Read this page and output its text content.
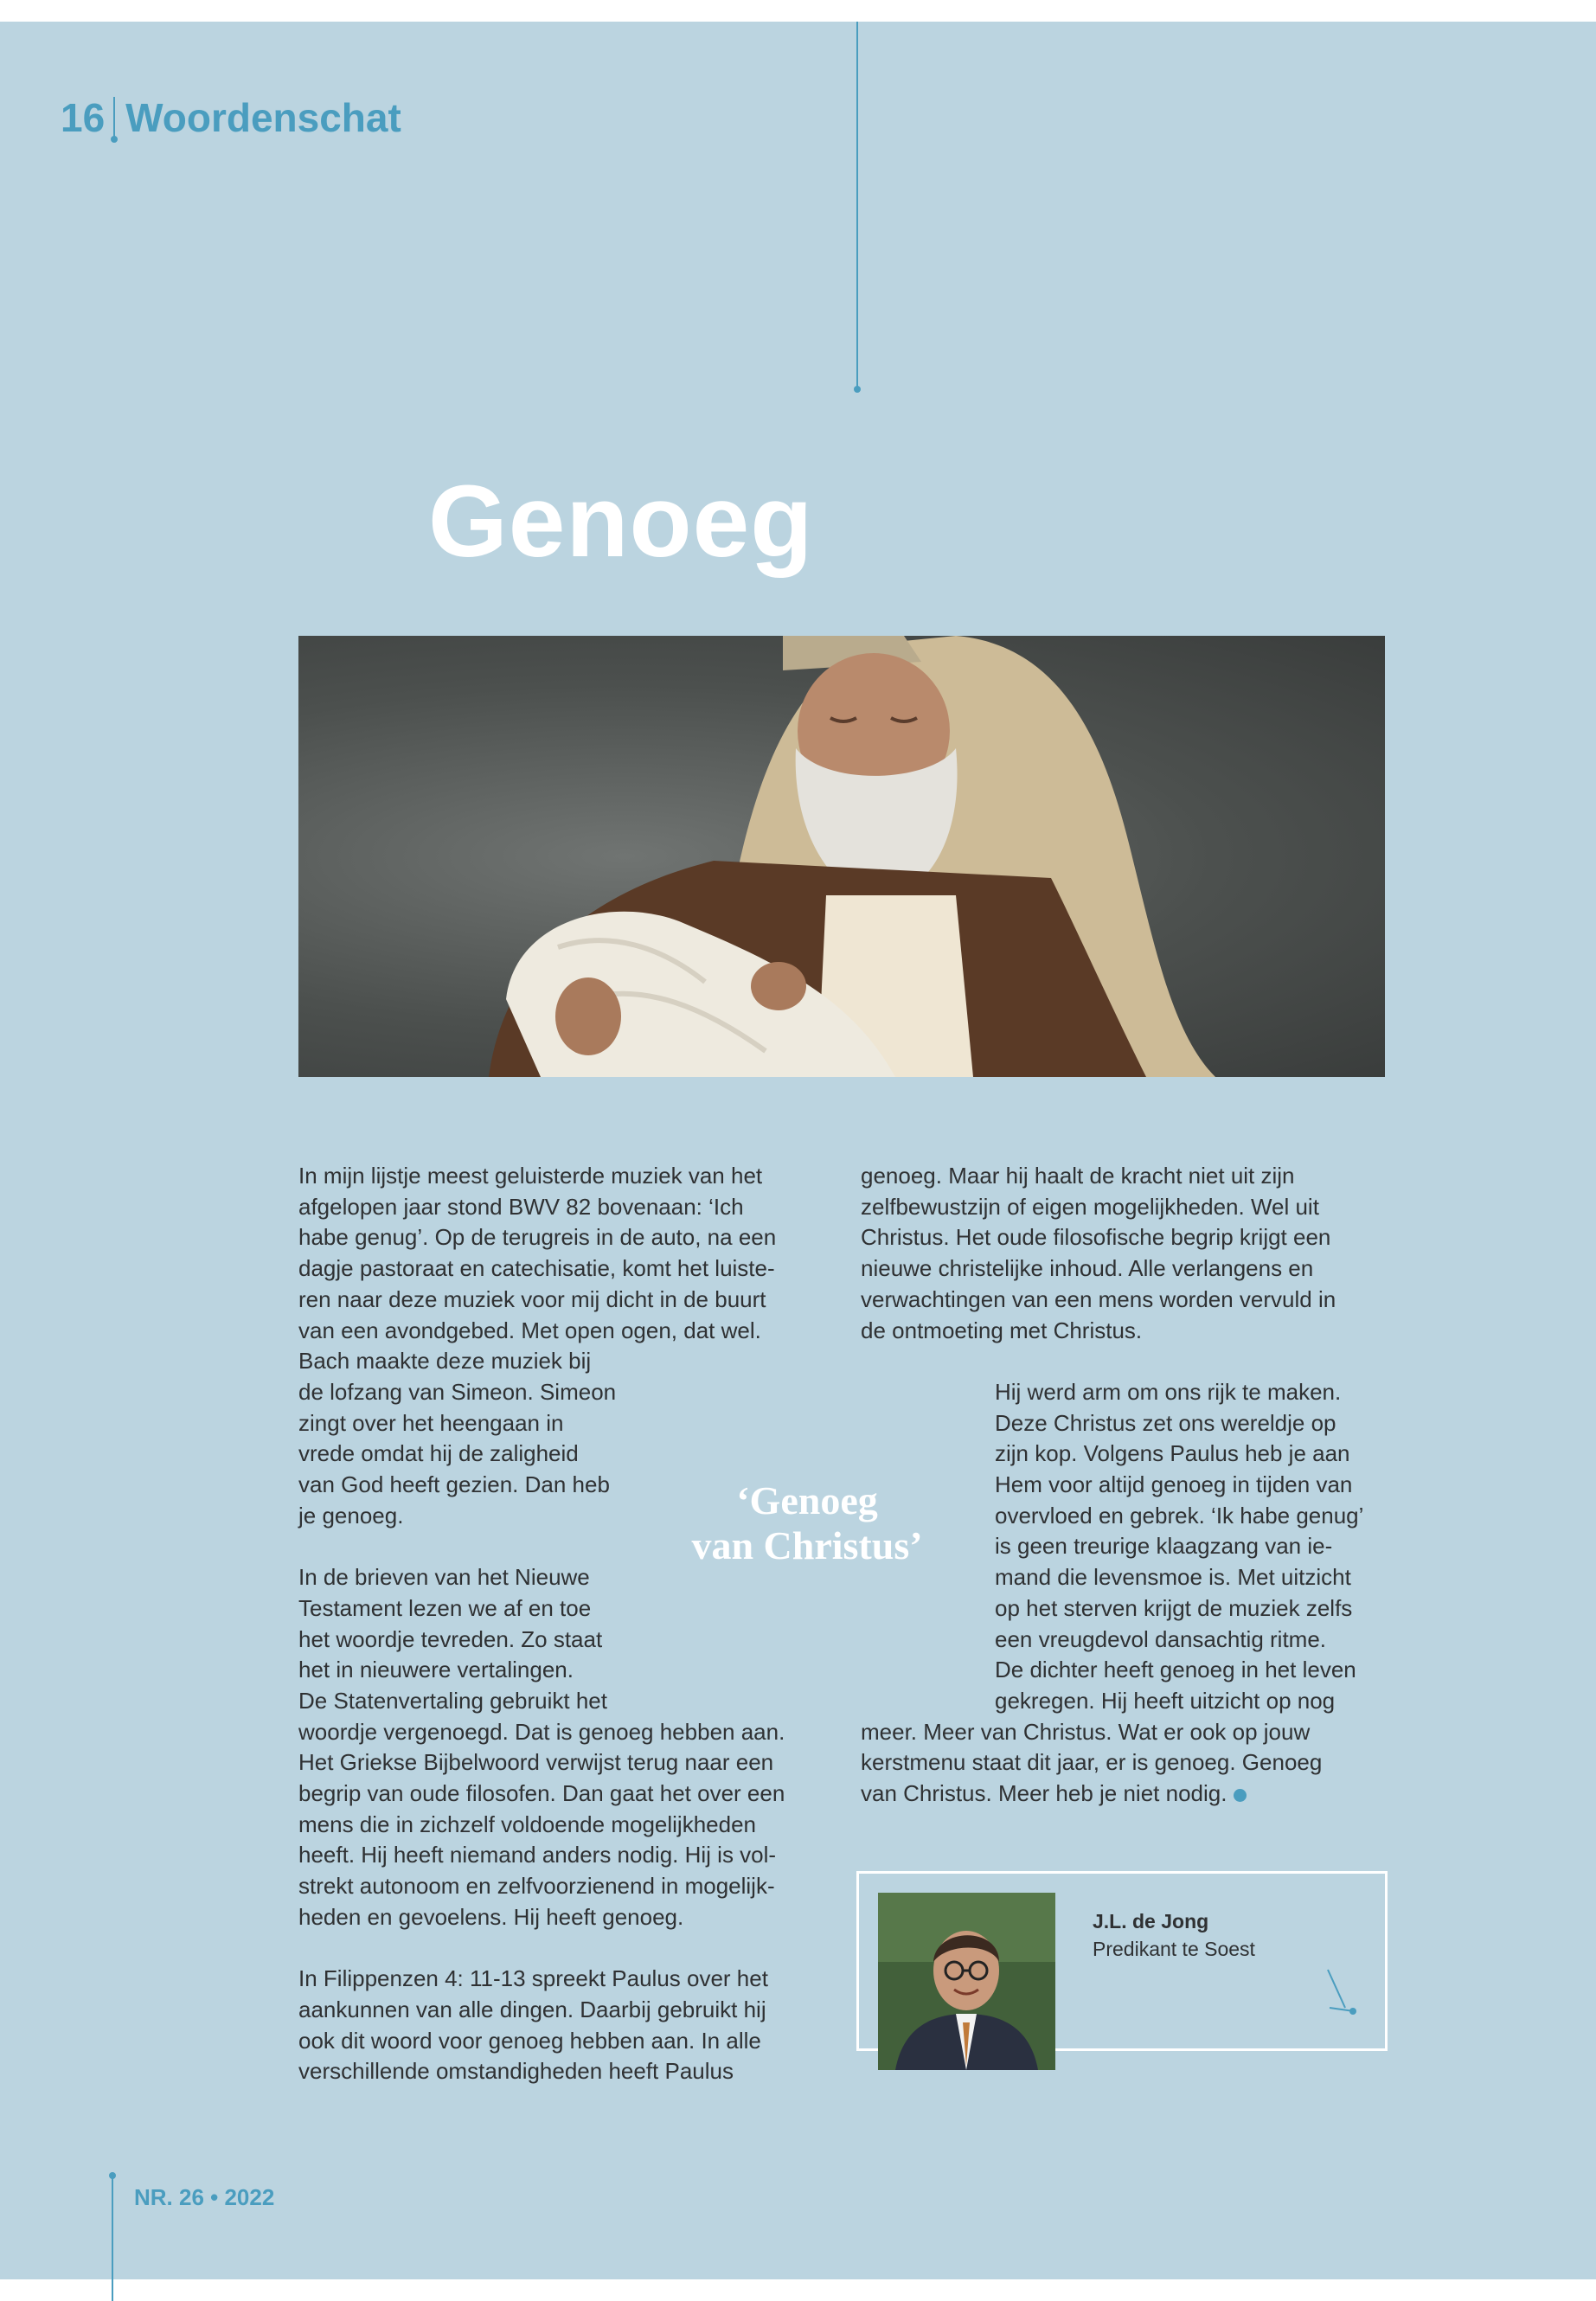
16 Woordenschat
Genoeg

In mijn lijstje meest geluisterde muziek van het

afgelopen jaar stond BWV 82 bovenaan: ‘Ich

habe genug’. Op de terugreis in de auto, na een

dagje pastoraat en catechisatie, komt het luiste-

ren naar deze muziek voor mij dicht in de buurt

van een avondgebed. Met open ogen, dat wel.

Bach maakte deze muziek bij

de lofzang van Simeon. Simeon

zingt over het heengaan in

vrede omdat hij de zaligheid

van God heeft gezien. Dan heb

je genoeg.

In de brieven van het Nieuwe

Testament lezen we af en toe

het woordje tevreden. Zo staat

het in nieuwere vertalingen.

De Statenvertaling gebruikt het

woordje vergenoegd. Dat is genoeg hebben aan.

Het Griekse Bijbelwoord verwijst terug naar een

begrip van oude filosofen. Dan gaat het over een

mens die in zichzelf voldoende mogelijkheden

heeft. Hij heeft niemand anders nodig. Hij is vol-

strekt autonoom en zelfvoorzienend in mogelijk-

heden en gevoelens. Hij heeft genoeg.

In Filippenzen 4: 11-13 spreekt Paulus over het

aankunnen van alle dingen. Daarbij gebruikt hij

ook dit woord voor genoeg hebben aan. In alle

verschillende omstandigheden heeft Paulus

‘Genoeg
van Christus’

genoeg. Maar hij haalt de kracht niet uit zijn

zelfbewustzijn of eigen mogelijkheden. Wel uit

Christus. Het oude filosofische begrip krijgt een

nieuwe christelijke inhoud. Alle verlangens en

verwachtingen van een mens worden vervuld in

de ontmoeting met Christus.

Hij werd arm om ons rijk te maken.

Deze Christus zet ons wereldje op

zijn kop. Volgens Paulus heb je aan

Hem voor altijd genoeg in tijden van

overvloed en gebrek. ‘Ik habe genug’

is geen treurige klaagzang van ie-

mand die levensmoe is. Met uitzicht

op het sterven krijgt de muziek zelfs

een vreugdevol dansachtig ritme.

De dichter heeft genoeg in het leven

gekregen. Hij heeft uitzicht op nog

meer. Meer van Christus. Wat er ook op jouw

kerstmenu staat dit jaar, er is genoeg. Genoeg

van Christus. Meer heb je niet nodig.

J.L. de Jong
Predikant te Soest
NR. 26 • 2022
